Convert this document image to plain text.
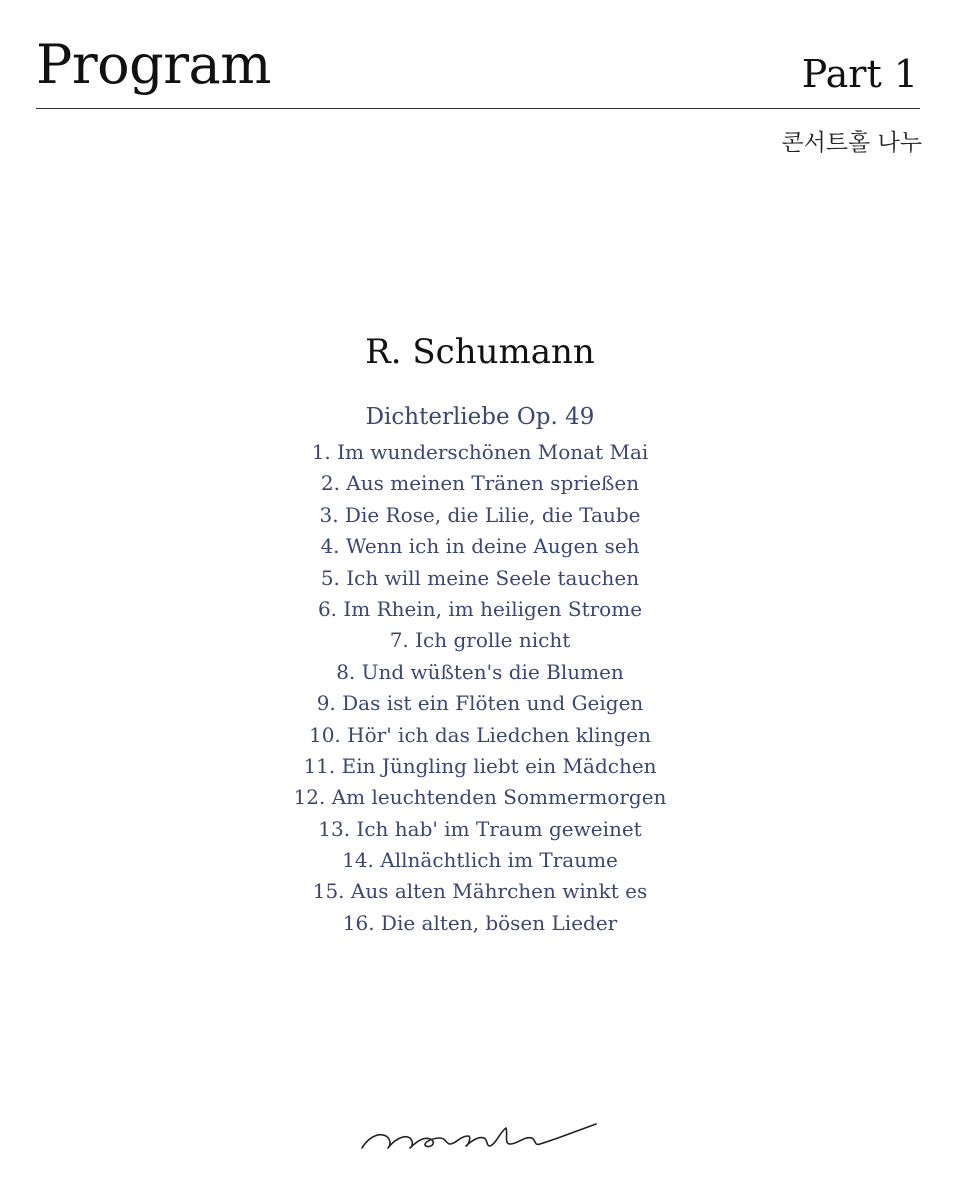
Program	Part 1
콘서트홀 나누
R. Schumann
Dichterliebe Op. 49
1. Im wunderschönen Monat Mai
2. Aus meinen Tränen sprießen
3. Die Rose, die Lilie, die Taube
4. Wenn ich in deine Augen seh
5. Ich will meine Seele tauchen
6. Im Rhein, im heiligen Strome
7. Ich grolle nicht
8. Und wüßten's die Blumen
9. Das ist ein Flöten und Geigen
10. Hör' ich das Liedchen klingen
11. Ein Jüngling liebt ein Mädchen
12. Am leuchtenden Sommermorgen
13. Ich hab' im Traum geweinet
14. Allnächtlich im Traume
15. Aus alten Mährchen winkt es
16. Die alten, bösen Lieder
